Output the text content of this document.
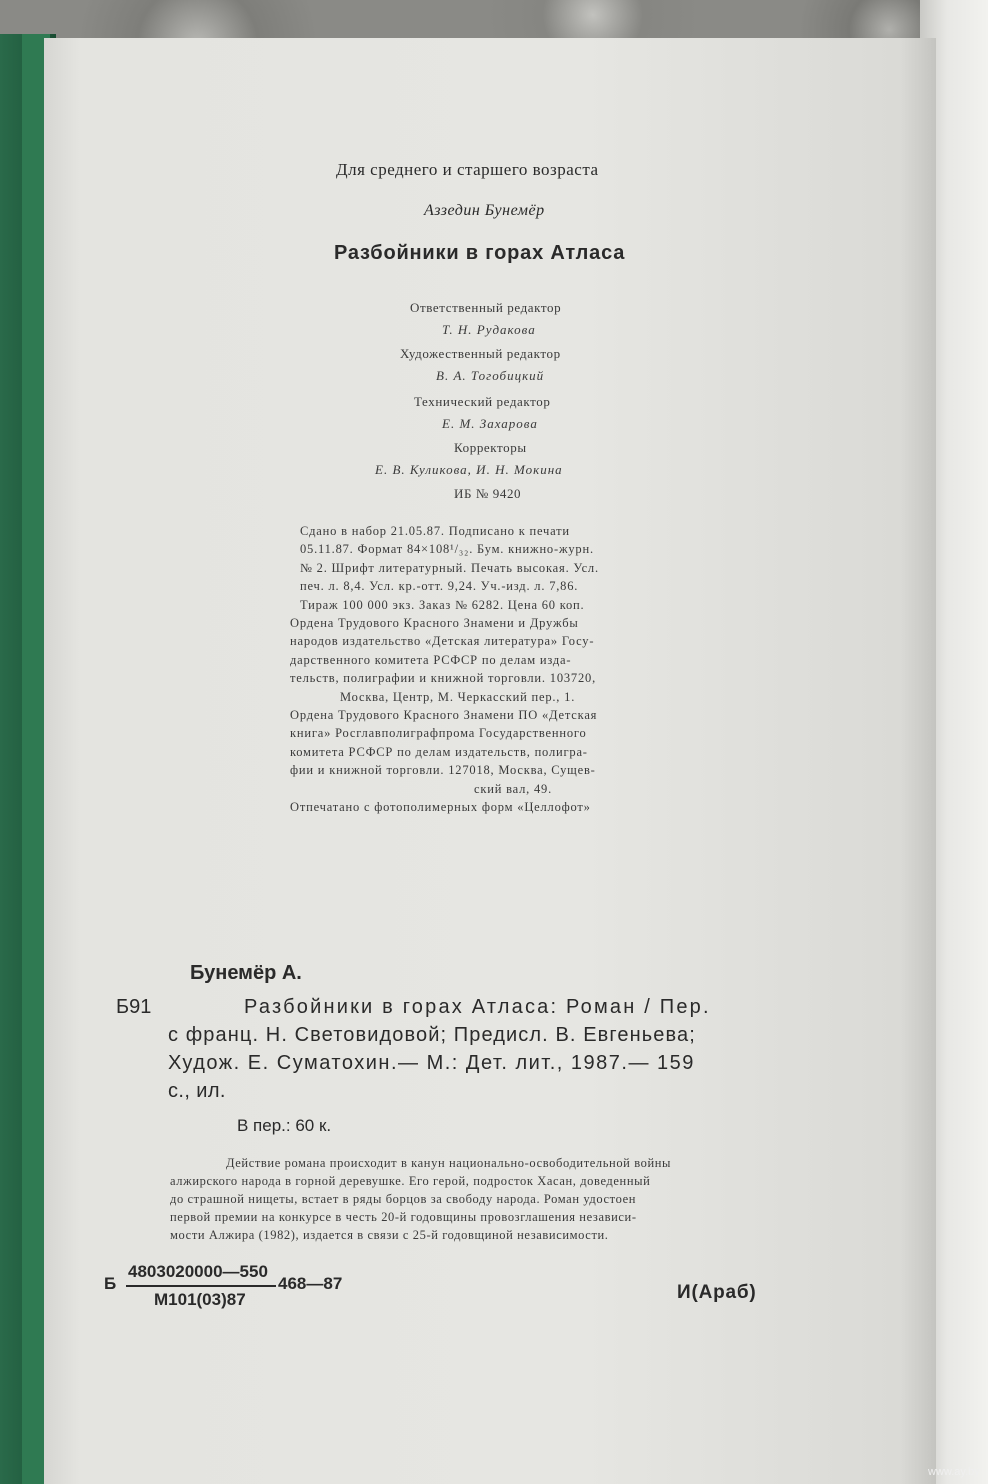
Для среднего и старшего возраста
Аззедин Бунемёр
Разбойники в горах Атласа
Ответственный редактор
Т. Н. Рудакова
Художественный редактор
В. А. Тогобицкий
Технический редактор
Е. М. Захарова
Корректоры
Е. В. Куликова, И. Н. Мокина
ИБ № 9420
Сдано в набор 21.05.87. Подписано к печати
05.11.87. Формат 84×108¹/₃₂. Бум. книжно-журн.
№ 2. Шрифт литературный. Печать высокая. Усл.
печ. л. 8,4. Усл. кр.-отт. 9,24. Уч.-изд. л. 7,86.
Тираж 100 000 экз. Заказ № 6282. Цена 60 коп.
Ордена Трудового Красного Знамени и Дружбы
народов издательство «Детская литература» Госу-
дарственного комитета РСФСР по делам изда-
тельств, полиграфии и книжной торговли. 103720,
Москва, Центр, М. Черкасский пер., 1.
Ордена Трудового Красного Знамени ПО «Детская
книга» Росглавполиграфпрома Государственного
комитета РСФСР по делам издательств, полигра-
фии и книжной торговли. 127018, Москва, Сущев-
ский вал, 49.
Отпечатано с фотополимерных форм «Целлофот»
Бунемёр А.
Б91	Разбойники в горах Атласа: Роман / Пер.
с франц. Н. Световидовой; Предисл. В. Евгеньева;
Худож. Е. Суматохин.— М.: Дет. лит., 1987.— 159
с., ил.
В пер.: 60 к.
Действие романа происходит в канун национально-освободительной войны
алжирского народа в горной деревушке. Его герой, подросток Хасан, доведенный
до страшной нищеты, встает в ряды борцов за свободу народа. Роман удостоен
первой премии на конкурсе в честь 20-й годовщины провозглашения независи-
мости Алжира (1982), издается в связи с 25-й годовщиной независимости.
Б
4803020000—550
М101(03)87
468—87	И(Араб)
www.ay.by
